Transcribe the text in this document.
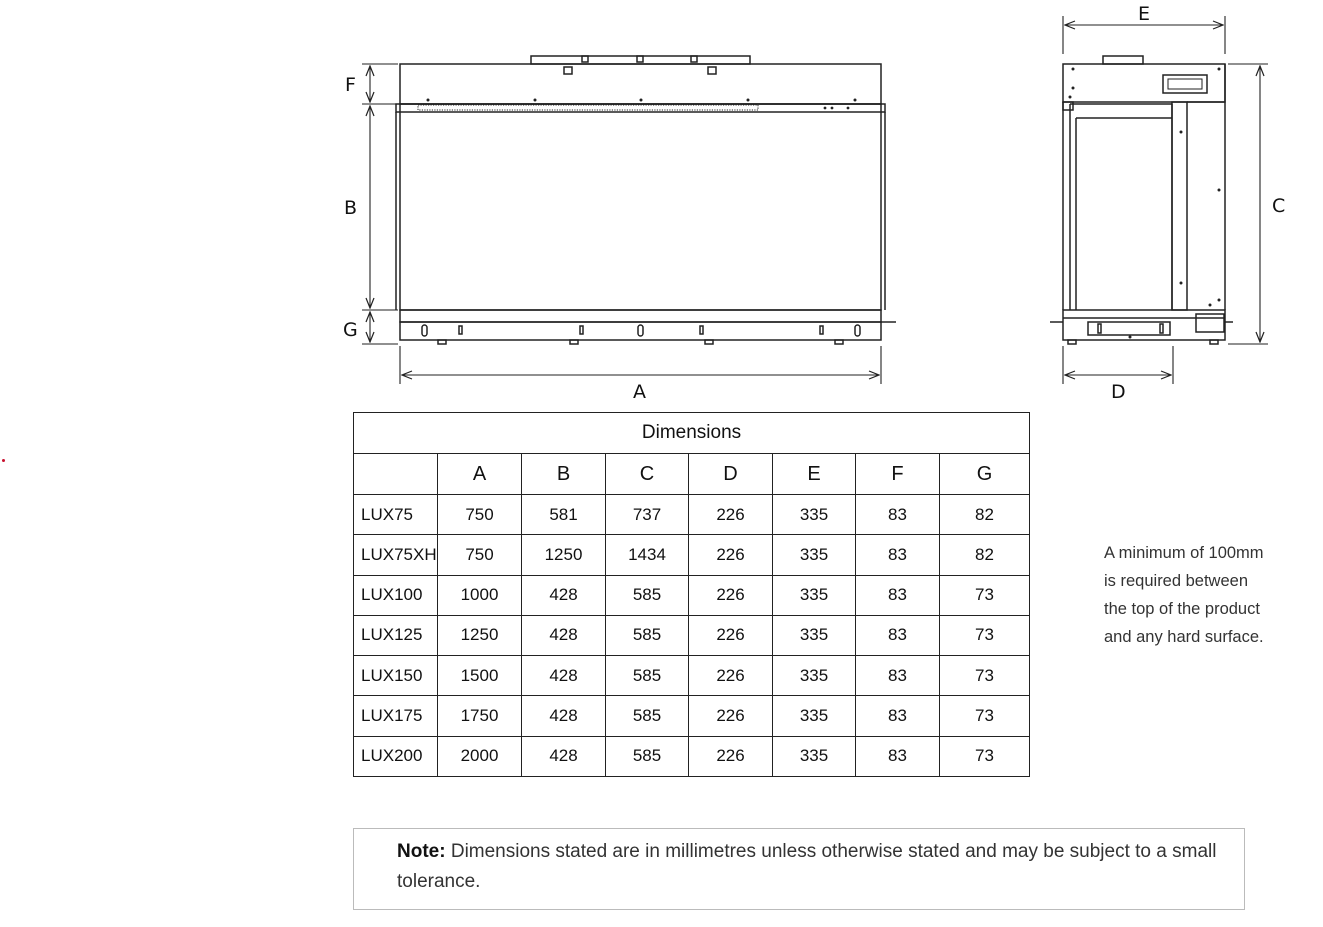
F
B
G
A
E
C
D
Dimensions							
	A	B	C	D	E	F	G
LUX75	750	581	737	226	335	83	82
LUX75XH	750	1250	1434	226	335	83	82
LUX100	1000	428	585	226	335	83	73
LUX125	1250	428	585	226	335	83	73
LUX150	1500	428	585	226	335	83	73
LUX175	1750	428	585	226	335	83	73
LUX200	2000	428	585	226	335	83	73
A minimum of 100mm
is required between
the top of the product
and any hard surface.
Note: Dimensions stated are in millimetres unless otherwise stated and may be subject to a small tolerance.
